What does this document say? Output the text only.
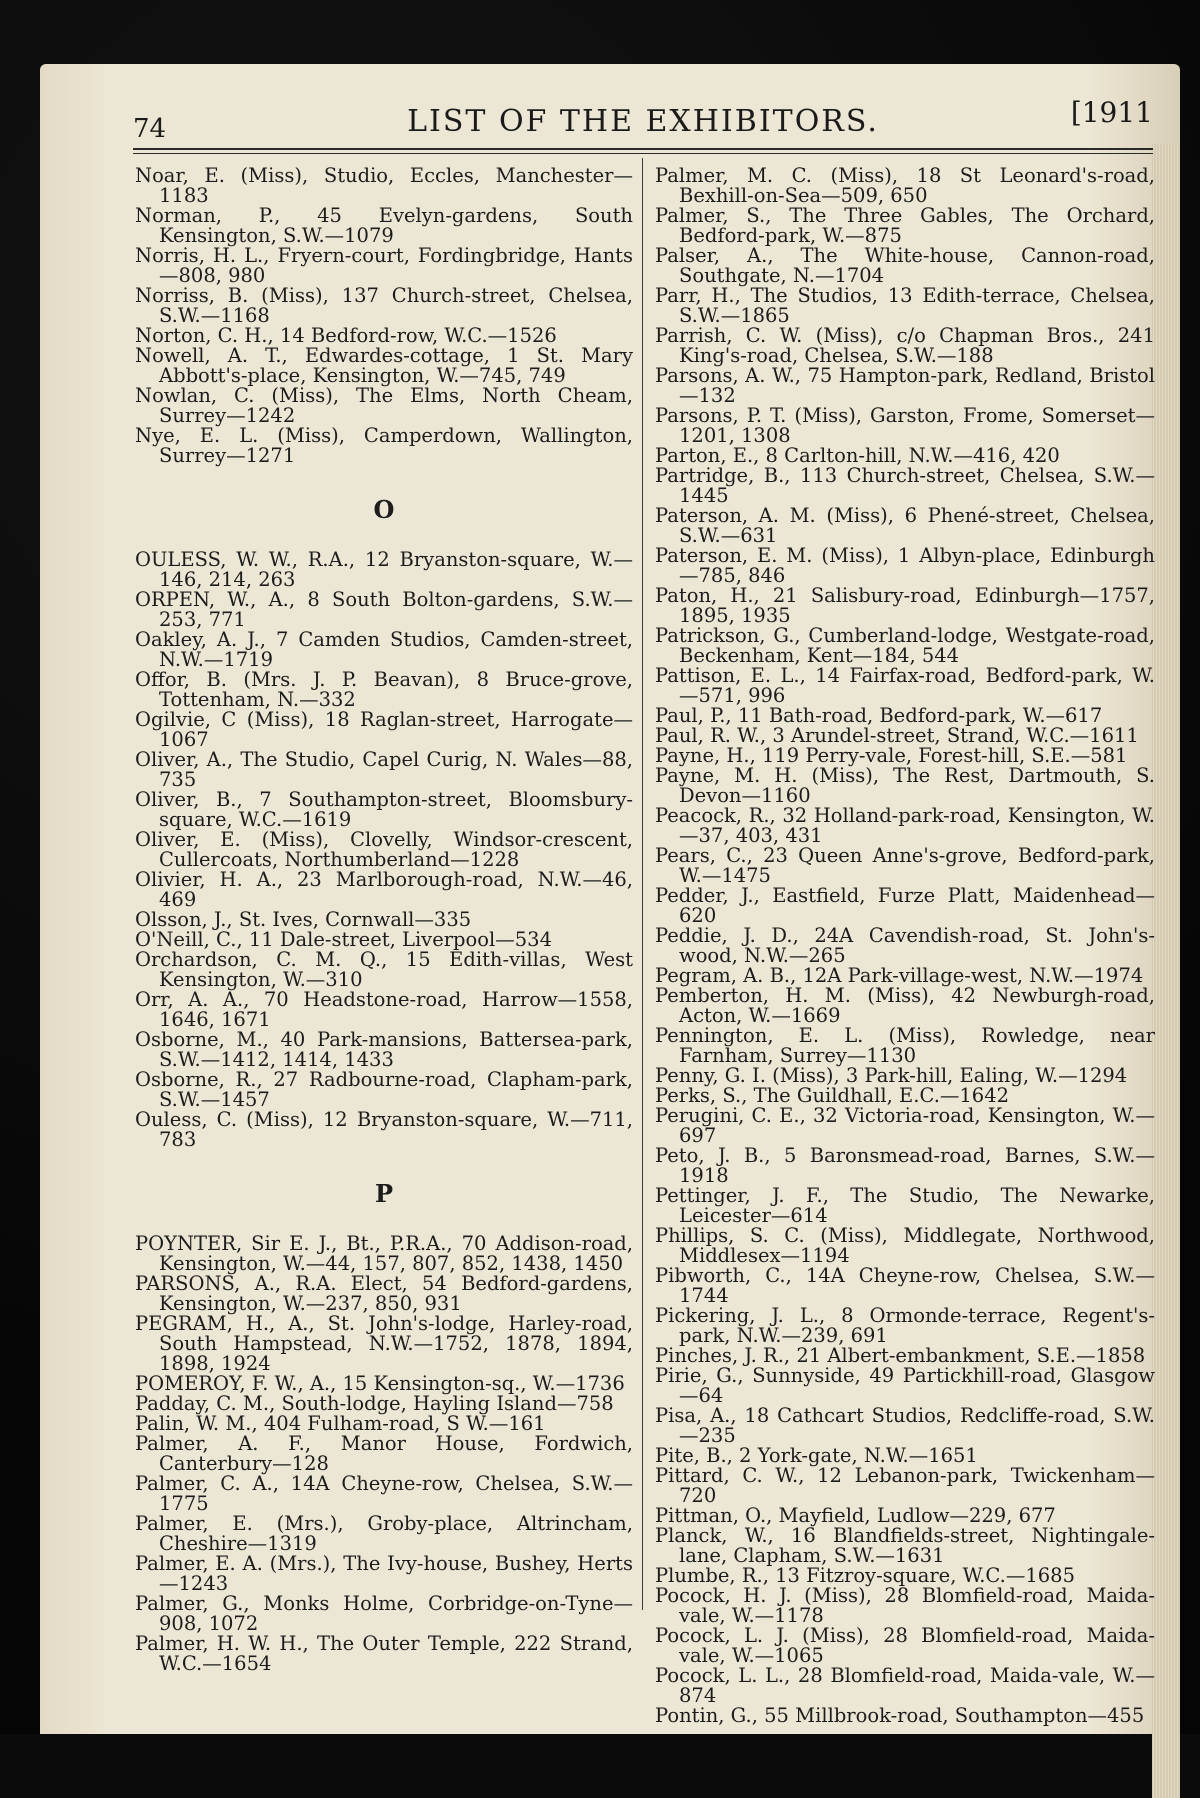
74	LIST OF THE EXHIBITORS.	[1911

Noar, E. (Miss), Studio, Eccles, Manchester—1183

Norman, P., 45 Evelyn-gardens, South Kensington, S.W.—1079

Norris, H. L., Fryern-court, Fordingbridge, Hants—808, 980

Norriss, B. (Miss), 137 Church-street, Chelsea, S.W.—1168

Norton, C. H., 14 Bedford-row, W.C.—1526

Nowell, A. T., Edwardes-cottage, 1 St. Mary Abbott's-place, Kensington, W.—745, 749

Nowlan, C. (Miss), The Elms, North Cheam, Surrey—1242

Nye, E. L. (Miss), Camperdown, Wallington, Surrey—1271

O

OULESS, W. W., R.A., 12 Bryanston-square, W.—146, 214, 263

ORPEN, W., A., 8 South Bolton-gardens, S.W.—253, 771

Oakley, A. J., 7 Camden Studios, Camden-street, N.W.—1719

Offor, B. (Mrs. J. P. Beavan), 8 Bruce-grove, Tottenham, N.—332

Ogilvie, C (Miss), 18 Raglan-street, Harrogate—1067

Oliver, A., The Studio, Capel Curig, N. Wales—88, 735

Oliver, B., 7 Southampton-street, Bloomsbury-square, W.C.—1619

Oliver, E. (Miss), Clovelly, Windsor-crescent, Cullercoats, Northumberland—1228

Olivier, H. A., 23 Marlborough-road, N.W.—46, 469

Olsson, J., St. Ives, Cornwall—335

O'Neill, C., 11 Dale-street, Liverpool—534

Orchardson, C. M. Q., 15 Edith-villas, West Kensington, W.—310

Orr, A. A., 70 Headstone-road, Harrow—1558, 1646, 1671

Osborne, M., 40 Park-mansions, Battersea-park, S.W.—1412, 1414, 1433

Osborne, R., 27 Radbourne-road, Clapham-park, S.W.—1457

Ouless, C. (Miss), 12 Bryanston-square, W.—711, 783

P

POYNTER, Sir E. J., Bt., P.R.A., 70 Addison-road, Kensington, W.—44, 157, 807, 852, 1438, 1450

PARSONS, A., R.A. Elect, 54 Bedford-gardens, Kensington, W.—237, 850, 931

PEGRAM, H., A., St. John's-lodge, Harley-road, South Hampstead, N.W.—1752, 1878, 1894, 1898, 1924

POMEROY, F. W., A., 15 Kensington-sq., W.—1736

Padday, C. M., South-lodge, Hayling Island—758

Palin, W. M., 404 Fulham-road, S W.—161

Palmer, A. F., Manor House, Fordwich, Canterbury—128

Palmer, C. A., 14A Cheyne-row, Chelsea, S.W.—1775

Palmer, E. (Mrs.), Groby-place, Altrincham, Cheshire—1319

Palmer, E. A. (Mrs.), The Ivy-house, Bushey, Herts—1243

Palmer, G., Monks Holme, Corbridge-on-Tyne—908, 1072

Palmer, H. W. H., The Outer Temple, 222 Strand, W.C.—1654

Palmer, M. C. (Miss), 18 St Leonard's-road, Bexhill-on-Sea—509, 650

Palmer, S., The Three Gables, The Orchard, Bedford-park, W.—875

Palser, A., The White-house, Cannon-road, Southgate, N.—1704

Parr, H., The Studios, 13 Edith-terrace, Chelsea, S.W.—1865

Parrish, C. W. (Miss), c/o Chapman Bros., 241 King's-road, Chelsea, S.W.—188

Parsons, A. W., 75 Hampton-park, Redland, Bristol—132

Parsons, P. T. (Miss), Garston, Frome, Somerset—1201, 1308

Parton, E., 8 Carlton-hill, N.W.—416, 420

Partridge, B., 113 Church-street, Chelsea, S.W.—1445

Paterson, A. M. (Miss), 6 Phené-street, Chelsea, S.W.—631

Paterson, E. M. (Miss), 1 Albyn-place, Edinburgh—785, 846

Paton, H., 21 Salisbury-road, Edinburgh—1757, 1895, 1935

Patrickson, G., Cumberland-lodge, Westgate-road, Beckenham, Kent—184, 544

Pattison, E. L., 14 Fairfax-road, Bedford-park, W.—571, 996

Paul, P., 11 Bath-road, Bedford-park, W.—617

Paul, R. W., 3 Arundel-street, Strand, W.C.—1611

Payne, H., 119 Perry-vale, Forest-hill, S.E.—581

Payne, M. H. (Miss), The Rest, Dartmouth, S. Devon—1160

Peacock, R., 32 Holland-park-road, Kensington, W.—37, 403, 431

Pears, C., 23 Queen Anne's-grove, Bedford-park, W.—1475

Pedder, J., Eastfield, Furze Platt, Maidenhead—620

Peddie, J. D., 24A Cavendish-road, St. John's-wood, N.W.—265

Pegram, A. B., 12A Park-village-west, N.W.—1974

Pemberton, H. M. (Miss), 42 Newburgh-road, Acton, W.—1669

Pennington, E. L. (Miss), Rowledge, near Farnham, Surrey—1130

Penny, G. I. (Miss), 3 Park-hill, Ealing, W.—1294

Perks, S., The Guildhall, E.C.—1642

Perugini, C. E., 32 Victoria-road, Kensington, W.—697

Peto, J. B., 5 Baronsmead-road, Barnes, S.W.—1918

Pettinger, J. F., The Studio, The Newarke, Leicester—614

Phillips, S. C. (Miss), Middlegate, Northwood, Middlesex—1194

Pibworth, C., 14A Cheyne-row, Chelsea, S.W.—1744

Pickering, J. L., 8 Ormonde-terrace, Regent's-park, N.W.—239, 691

Pinches, J. R., 21 Albert-embankment, S.E.—1858

Pirie, G., Sunnyside, 49 Partickhill-road, Glasgow—64

Pisa, A., 18 Cathcart Studios, Redcliffe-road, S.W.—235

Pite, B., 2 York-gate, N.W.—1651

Pittard, C. W., 12 Lebanon-park, Twickenham—720

Pittman, O., Mayfield, Ludlow—229, 677

Planck, W., 16 Blandfields-street, Nightingale-lane, Clapham, S.W.—1631

Plumbe, R., 13 Fitzroy-square, W.C.—1685

Pocock, H. J. (Miss), 28 Blomfield-road, Maida-vale, W.—1178

Pocock, L. J. (Miss), 28 Blomfield-road, Maida-vale, W.—1065

Pocock, L. L., 28 Blomfield-road, Maida-vale, W.—874

Pontin, G., 55 Millbrook-road, Southampton—455
